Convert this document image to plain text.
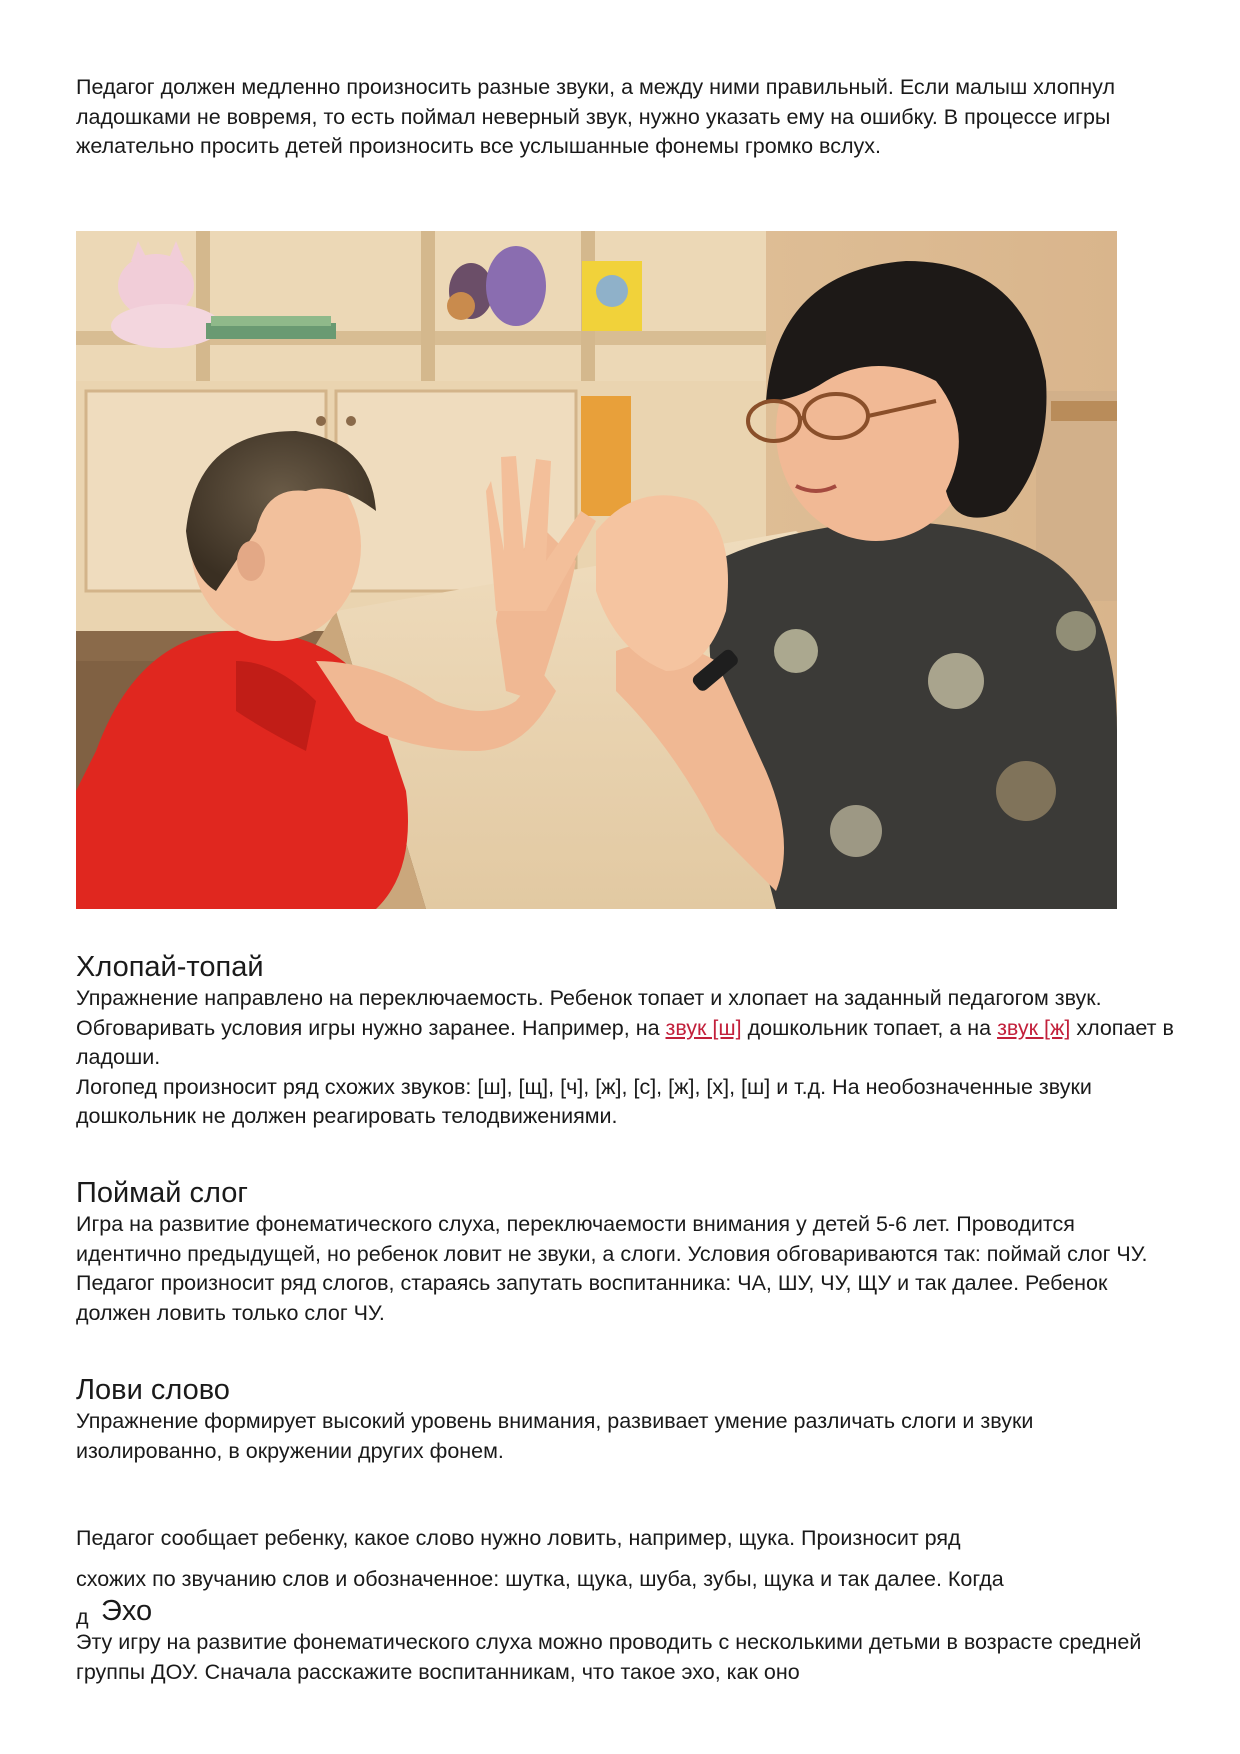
Педагог должен медленно произносить разные звуки, а между ними правильный. Если малыш хлопнул ладошками не вовремя, то есть поймал неверный звук, нужно указать ему на ошибку. В процессе игры желательно просить детей произносить все услышанные фонемы громко вслух.

Хлопай-топай

Упражнение направлено на переключаемость. Ребенок топает и хлопает на заданный педагогом звук. Обговаривать условия игры нужно заранее. Например, на звук [ш] дошкольник топает, а на звук [ж] хлопает в ладоши.

Логопед произносит ряд схожих звуков: [ш], [щ], [ч], [ж], [с], [ж], [х], [ш] и т.д. На необозначенные звуки дошкольник не должен реагировать телодвижениями.

Поймай слог

Игра на развитие фонематического слуха, переключаемости внимания у детей 5-6 лет. Проводится идентично предыдущей, но ребенок ловит не звуки, а слоги. Условия обговариваются так: поймай слог ЧУ. Педагог произносит ряд слогов, стараясь запутать воспитанника: ЧА, ШУ, ЧУ, ЩУ и так далее. Ребенок должен ловить только слог ЧУ.

Лови слово

Упражнение формирует высокий уровень внимания, развивает умение различать слоги и звуки изолированно, в окружении других фонем.

Педагог сообщает ребенку, какое слово нужно ловить, например, щука. Произносит ряд

схожих по звучанию слов и обозначенное: шутка, щука, шуба, зубы, щука и так далее. Когда

д Эхо

Эту игру на развитие фонематического слуха можно проводить с несколькими детьми в возрасте средней группы ДОУ. Сначала расскажите воспитанникам, что такое эхо, как оно
